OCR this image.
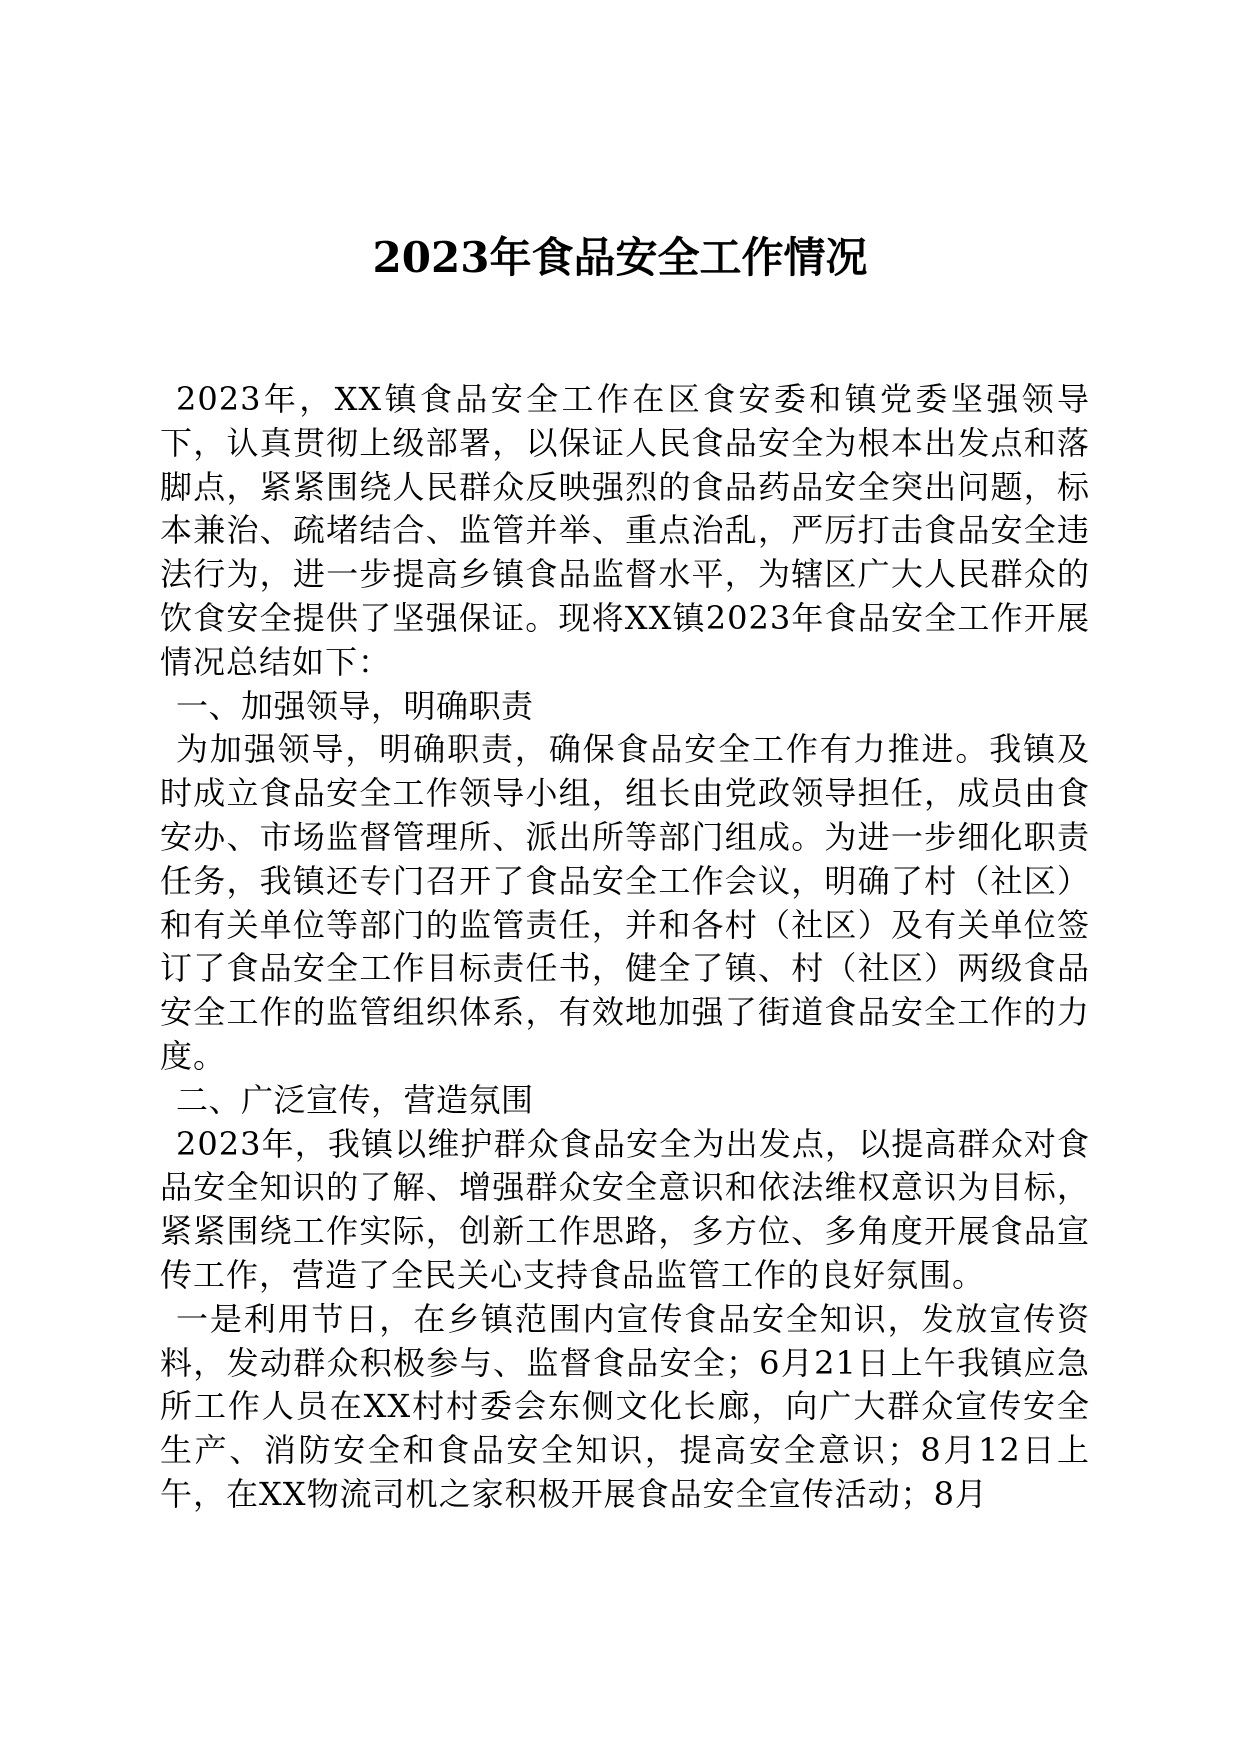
2023年食品安全工作情况

2023年，XX镇食品安全工作在区食安委和镇党委坚强领导下，认真贯彻上级部署，以保证人民食品安全为根本出发点和落脚点，紧紧围绕人民群众反映强烈的食品药品安全突出问题，标本兼治、疏堵结合、监管并举、重点治乱，严厉打击食品安全违法行为，进一步提高乡镇食品监督水平，为辖区广大人民群众的饮食安全提供了坚强保证。现将XX镇2023年食品安全工作开展情况总结如下：

一、加强领导，明确职责

为加强领导，明确职责，确保食品安全工作有力推进。我镇及时成立食品安全工作领导小组，组长由党政领导担任，成员由食安办、市场监督管理所、派出所等部门组成。为进一步细化职责任务，我镇还专门召开了食品安全工作会议，明确了村（社区）和有关单位等部门的监管责任，并和各村（社区）及有关单位签订了食品安全工作目标责任书，健全了镇、村（社区）两级食品安全工作的监管组织体系，有效地加强了街道食品安全工作的力度。

二、广泛宣传，营造氛围

2023年，我镇以维护群众食品安全为出发点，以提高群众对食品安全知识的了解、增强群众安全意识和依法维权意识为目标，紧紧围绕工作实际，创新工作思路，多方位、多角度开展食品宣传工作，营造了全民关心支持食品监管工作的良好氛围。

一是利用节日，在乡镇范围内宣传食品安全知识，发放宣传资料，发动群众积极参与、监督食品安全；6月21日上午我镇应急所工作人员在XX村村委会东侧文化长廊，向广大群众宣传安全生产、消防安全和食品安全知识，提高安全意识；8月12日上午，在XX物流司机之家积极开展食品安全宣传活动；8月
